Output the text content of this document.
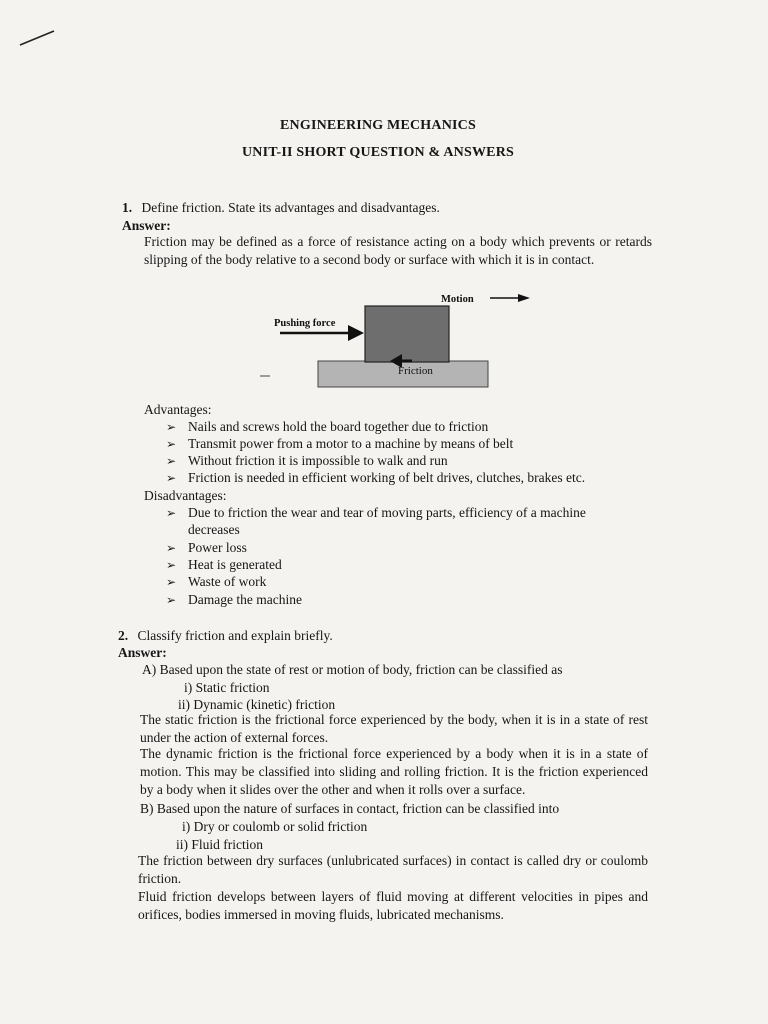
ENGINEERING MECHANICS
UNIT-II SHORT QUESTION & ANSWERS
1. Define friction. State its advantages and disadvantages.
Answer:
Friction may be defined as a force of resistance acting on a body which prevents or retards slipping of the body relative to a second body or surface with which it is in contact.
Motion
Pushing force
Friction
Advantages:
➢ Nails and screws hold the board together due to friction
➢ Transmit power from a motor to a machine by means of belt
➢ Without friction it is impossible to walk and run
➢ Friction is needed in efficient working of belt drives, clutches, brakes etc.
Disadvantages:
➢ Due to friction the wear and tear of moving parts, efficiency of a machine
decreases
➢ Power loss
➢ Heat is generated
➢ Waste of work
➢ Damage the machine
2. Classify friction and explain briefly.
Answer:
A) Based upon the state of rest or motion of body, friction can be classified as
i) Static friction
ii) Dynamic (kinetic) friction
The static friction is the frictional force experienced by the body, when it is in a state of rest under the action of external forces.
The dynamic friction is the frictional force experienced by a body when it is in a state of motion. This may be classified into sliding and rolling friction. It is the friction experienced by a body when it slides over the other and when it rolls over a surface.
B) Based upon the nature of surfaces in contact, friction can be classified into
i) Dry or coulomb or solid friction
ii) Fluid friction
The friction between dry surfaces (unlubricated surfaces) in contact is called dry or coulomb friction.
Fluid friction develops between layers of fluid moving at different velocities in pipes and orifices, bodies immersed in moving fluids, lubricated mechanisms.
